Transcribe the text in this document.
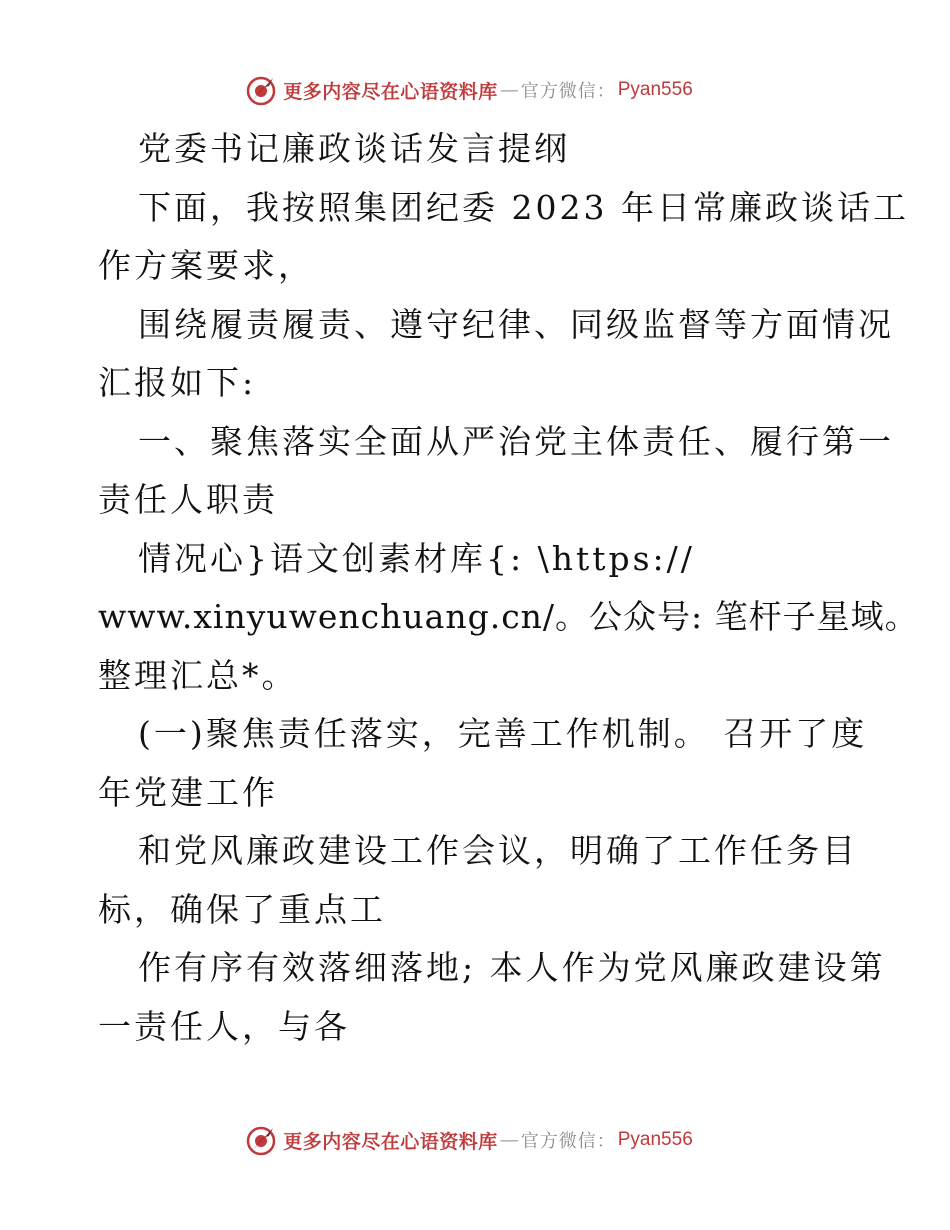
更多内容尽在心语资料库 — 官方微信： Pyan556
党委书记廉政谈话发言提纲
下面，我按照集团纪委 2023 年日常廉政谈话工
作方案要求，
围绕履责履责、遵守纪律、同级监督等方面情况
汇报如下:
一、聚焦落实全面从严治党主体责任、履行第一
责任人职责
情况心}语文创素材库{: \https://
www.xinyuwenchuang.cn/。公众号: 笔杆子星域。
整理汇总*。
(一)聚焦责任落实，完善工作机制。 召开了度
年党建工作
和党风廉政建设工作会议，明确了工作任务目
标，确保了重点工
作有序有效落细落地; 本人作为党风廉政建设第
一责任人，与各
更多内容尽在心语资料库 — 官方微信： Pyan556
